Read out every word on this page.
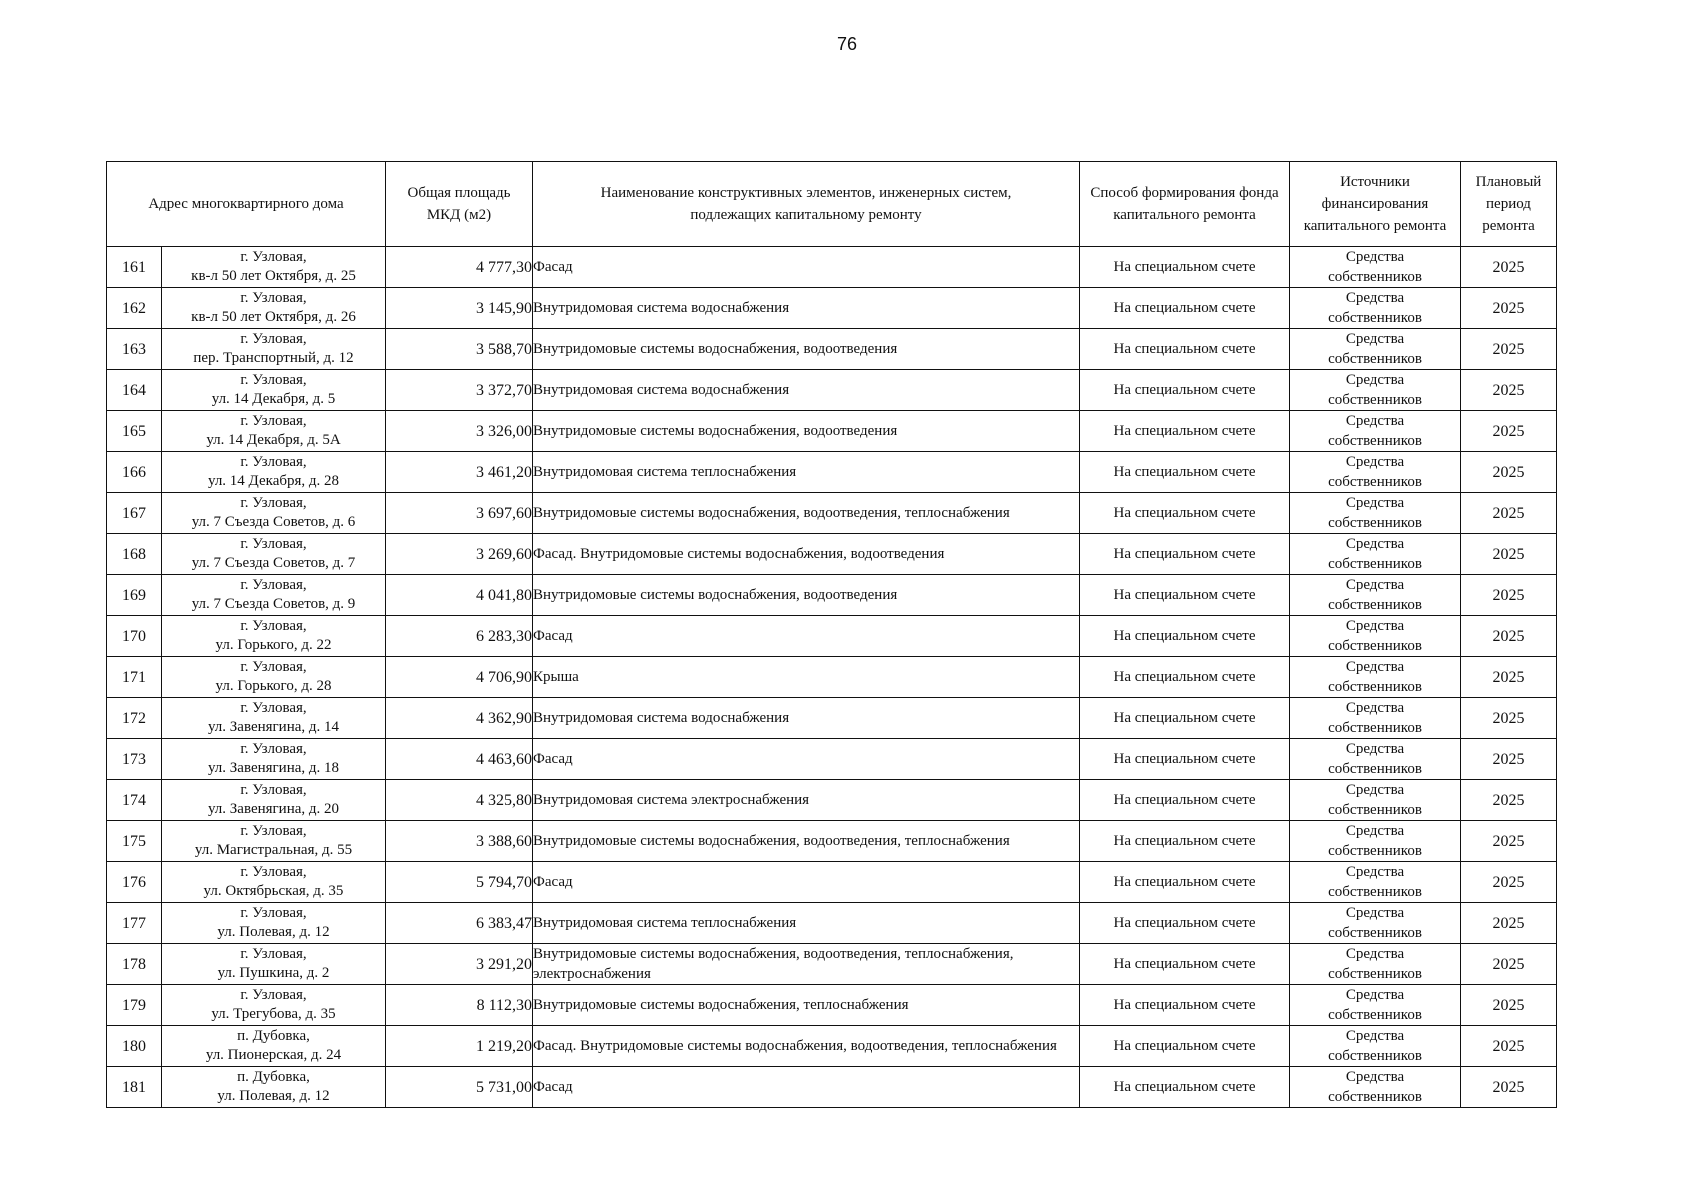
76
Адрес многоквартирного дома		Общая площадь МКД (м2)	Наименование конструктивных элементов, инженерных систем, подлежащих капитальному ремонту	Способ формирования фонда капитального ремонта	Источники финансирования капитального ремонта	Плановый период ремонта

161	г. Узловая,
кв-л 50 лет Октября, д. 25	4 777,30	Фасад	На специальном счете	Средства
собственников	2025
162	г. Узловая,
кв-л 50 лет Октября, д. 26	3 145,90	Внутридомовая система водоснабжения	На специальном счете	Средства
собственников	2025
163	г. Узловая,
пер. Транспортный, д. 12	3 588,70	Внутридомовые системы водоснабжения, водоотведения	На специальном счете	Средства
собственников	2025
164	г. Узловая,
ул. 14 Декабря, д. 5	3 372,70	Внутридомовая система водоснабжения	На специальном счете	Средства
собственников	2025
165	г. Узловая,
ул. 14 Декабря, д. 5А	3 326,00	Внутридомовые системы водоснабжения, водоотведения	На специальном счете	Средства
собственников	2025
166	г. Узловая,
ул. 14 Декабря, д. 28	3 461,20	Внутридомовая система теплоснабжения	На специальном счете	Средства
собственников	2025
167	г. Узловая,
ул. 7 Съезда Советов, д. 6	3 697,60	Внутридомовые системы водоснабжения, водоотведения, теплоснабжения	На специальном счете	Средства
собственников	2025
168	г. Узловая,
ул. 7 Съезда Советов, д. 7	3 269,60	Фасад. Внутридомовые системы водоснабжения, водоотведения	На специальном счете	Средства
собственников	2025
169	г. Узловая,
ул. 7 Съезда Советов, д. 9	4 041,80	Внутридомовые системы водоснабжения, водоотведения	На специальном счете	Средства
собственников	2025
170	г. Узловая,
ул. Горького, д. 22	6 283,30	Фасад	На специальном счете	Средства
собственников	2025
171	г. Узловая,
ул. Горького, д. 28	4 706,90	Крыша	На специальном счете	Средства
собственников	2025
172	г. Узловая,
ул. Завенягина, д. 14	4 362,90	Внутридомовая система водоснабжения	На специальном счете	Средства
собственников	2025
173	г. Узловая,
ул. Завенягина, д. 18	4 463,60	Фасад	На специальном счете	Средства
собственников	2025
174	г. Узловая,
ул. Завенягина, д. 20	4 325,80	Внутридомовая система электроснабжения	На специальном счете	Средства
собственников	2025
175	г. Узловая,
ул. Магистральная, д. 55	3 388,60	Внутридомовые системы водоснабжения, водоотведения, теплоснабжения	На специальном счете	Средства
собственников	2025
176	г. Узловая,
ул. Октябрьская, д. 35	5 794,70	Фасад	На специальном счете	Средства
собственников	2025
177	г. Узловая,
ул. Полевая, д. 12	6 383,47	Внутридомовая система теплоснабжения	На специальном счете	Средства
собственников	2025
178	г. Узловая,
ул. Пушкина, д. 2	3 291,20	Внутридомовые системы водоснабжения, водоотведения, теплоснабжения, электроснабжения	На специальном счете	Средства
собственников	2025
179	г. Узловая,
ул. Трегубова, д. 35	8 112,30	Внутридомовые системы водоснабжения, теплоснабжения	На специальном счете	Средства
собственников	2025
180	п. Дубовка,
ул. Пионерская, д. 24	1 219,20	Фасад. Внутридомовые системы водоснабжения, водоотведения, теплоснабжения	На специальном счете	Средства
собственников	2025
181	п. Дубовка,
ул. Полевая, д. 12	5 731,00	Фасад	На специальном счете	Средства
собственников	2025
